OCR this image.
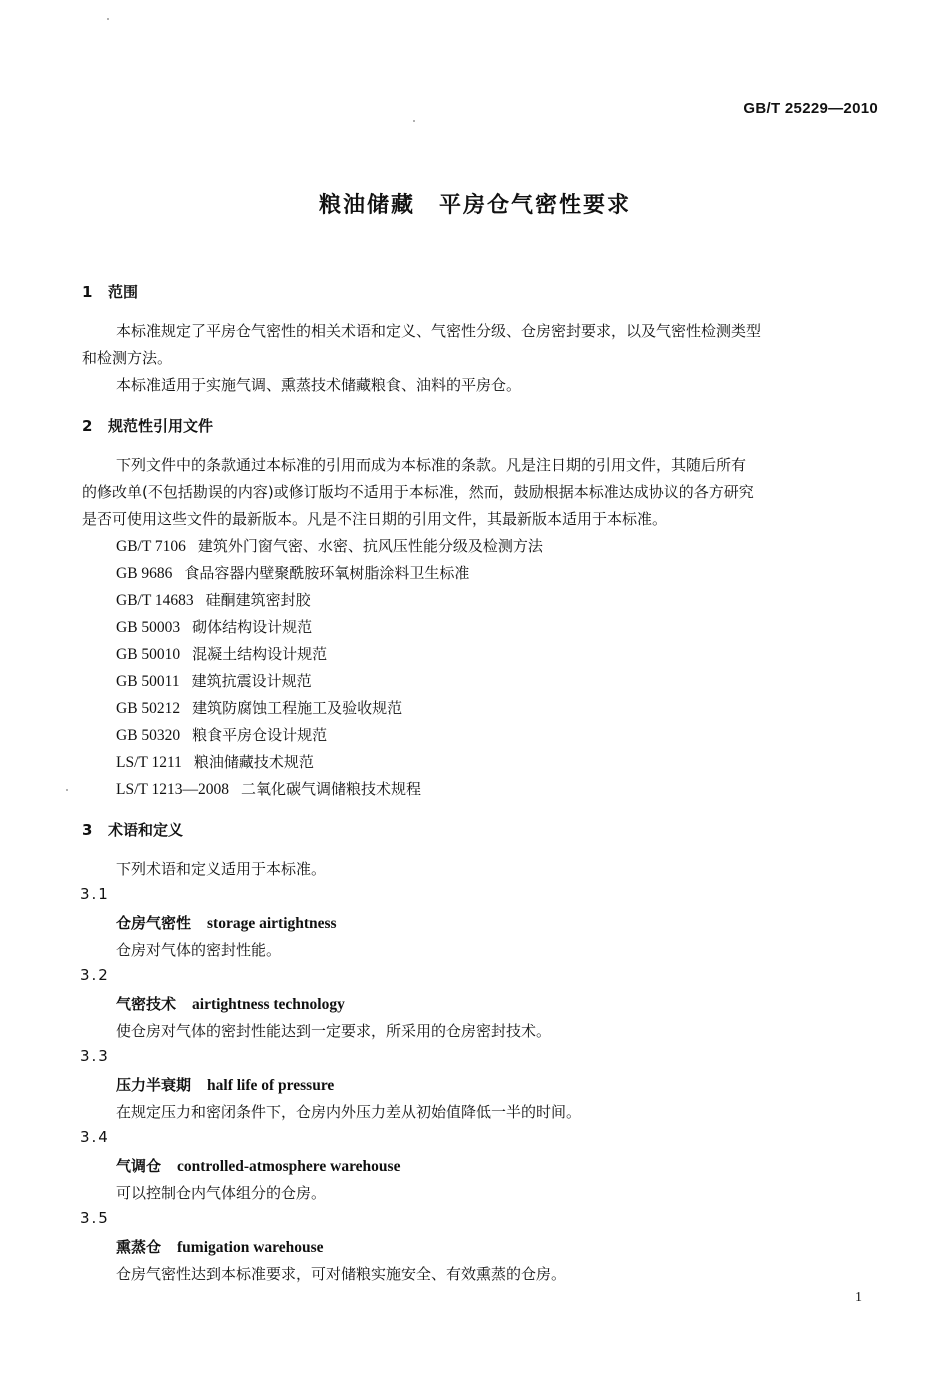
GB/T 25229—2010
粮油储藏　平房仓气密性要求
1 范围
本标准规定了平房仓气密性的相关术语和定义、气密性分级、仓房密封要求，以及气密性检测类型
和检测方法。
本标准适用于实施气调、熏蒸技术储藏粮食、油料的平房仓。
2 规范性引用文件
下列文件中的条款通过本标准的引用而成为本标准的条款。凡是注日期的引用文件，其随后所有
的修改单(不包括勘误的内容)或修订版均不适用于本标准，然而，鼓励根据本标准达成协议的各方研究
是否可使用这些文件的最新版本。凡是不注日期的引用文件，其最新版本适用于本标准。
GB/T 7106 建筑外门窗气密、水密、抗风压性能分级及检测方法
GB 9686 食品容器内壁聚酰胺环氧树脂涂料卫生标准
GB/T 14683 硅酮建筑密封胶
GB 50003 砌体结构设计规范
GB 50010 混凝土结构设计规范
GB 50011 建筑抗震设计规范
GB 50212 建筑防腐蚀工程施工及验收规范
GB 50320 粮食平房仓设计规范
LS/T 1211 粮油储藏技术规范
LS/T 1213—2008 二氧化碳气调储粮技术规程
3 术语和定义
下列术语和定义适用于本标准。
3.1
仓房气密性 storage airtightness
仓房对气体的密封性能。
3.2
气密技术 airtightness technology
使仓房对气体的密封性能达到一定要求，所采用的仓房密封技术。
3.3
压力半衰期 half life of pressure
在规定压力和密闭条件下，仓房内外压力差从初始值降低一半的时间。
3.4
气调仓 controlled-atmosphere warehouse
可以控制仓内气体组分的仓房。
3.5
熏蒸仓 fumigation warehouse
仓房气密性达到本标准要求，可对储粮实施安全、有效熏蒸的仓房。
1
